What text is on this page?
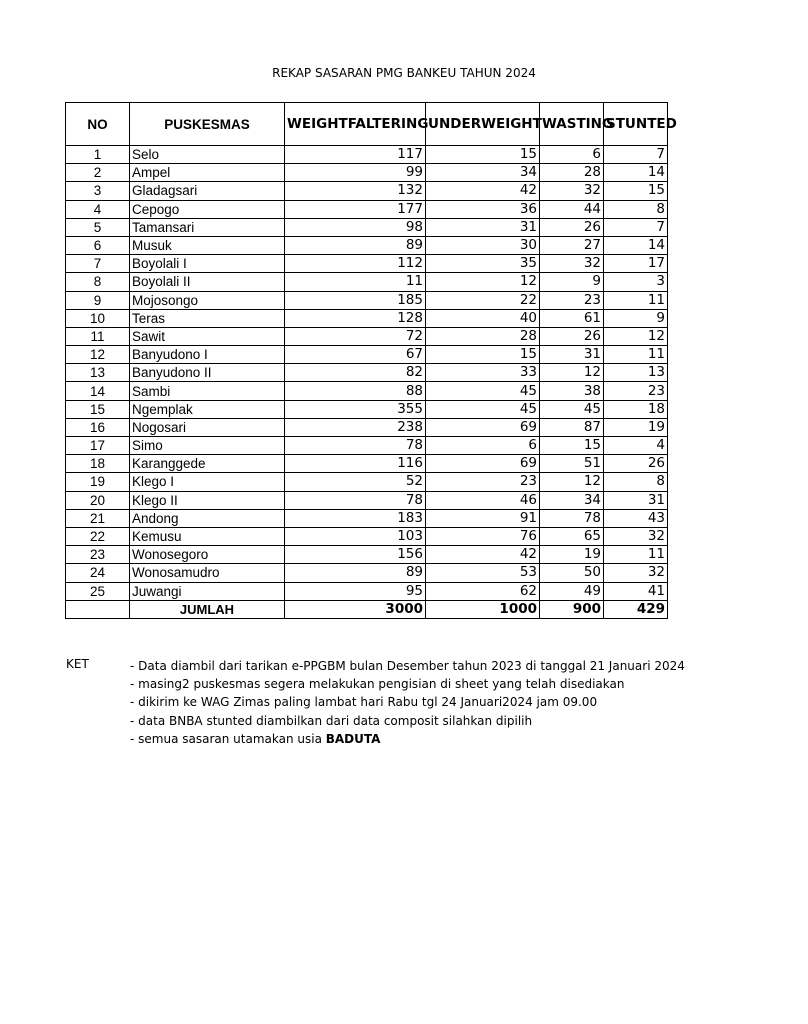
REKAP SASARAN PMG BANKEU TAHUN 2024
NO	PUSKESMAS	WEIGHTFALTERING	UNDERWEIGHT	WASTING	STUNTED
1	Selo	117	15	6	7
2	Ampel	99	34	28	14
3	Gladagsari	132	42	32	15
4	Cepogo	177	36	44	8
5	Tamansari	98	31	26	7
6	Musuk	89	30	27	14
7	Boyolali I	112	35	32	17
8	Boyolali II	11	12	9	3
9	Mojosongo	185	22	23	11
10	Teras	128	40	61	9
11	Sawit	72	28	26	12
12	Banyudono I	67	15	31	11
13	Banyudono II	82	33	12	13
14	Sambi	88	45	38	23
15	Ngemplak	355	45	45	18
16	Nogosari	238	69	87	19
17	Simo	78	6	15	4
18	Karanggede	116	69	51	26
19	Klego I	52	23	12	8
20	Klego II	78	46	34	31
21	Andong	183	91	78	43
22	Kemusu	103	76	65	32
23	Wonosegoro	156	42	19	11
24	Wonosamudro	89	53	50	32
25	Juwangi	95	62	49	41
	JUMLAH	3000	1000	900	429
KET	- Data diambil dari tarikan e-PPGBM bulan Desember tahun 2023 di tanggal 21 Januari 2024
- masing2 puskesmas segera melakukan pengisian di sheet yang telah disediakan
- dikirim ke WAG Zimas paling lambat hari Rabu tgl 24 Januari2024 jam 09.00
- data BNBA stunted diambilkan dari data composit silahkan dipilih
- semua sasaran utamakan usia BADUTA
